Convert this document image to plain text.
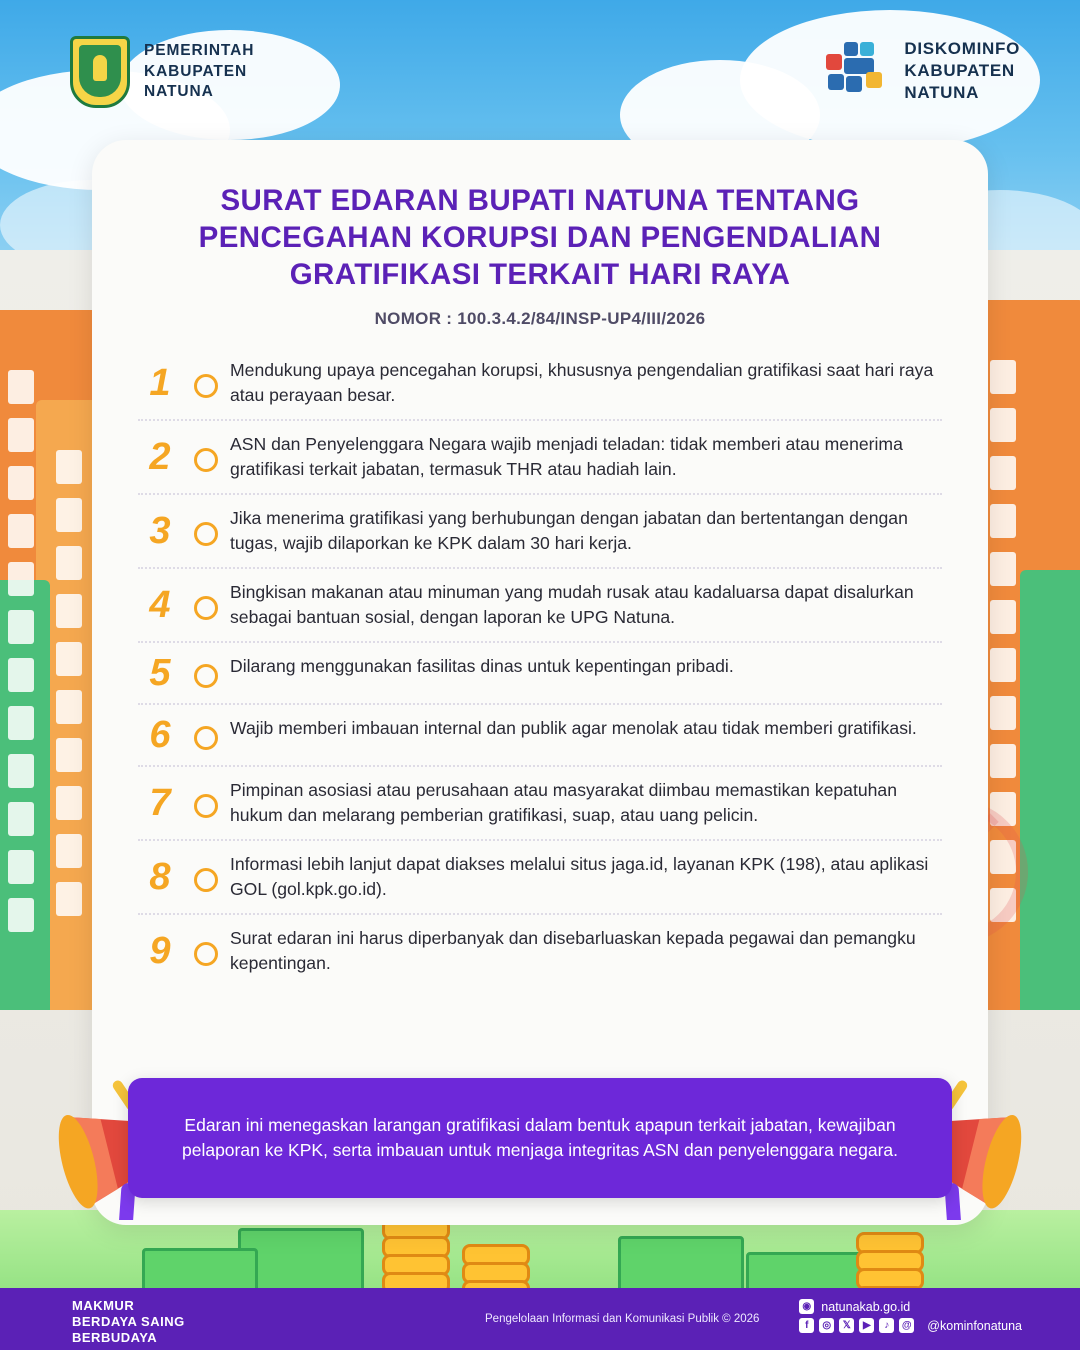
PEMERINTAH
KABUPATEN
NATUNA
DISKOMINFO
KABUPATEN
NATUNA
SURAT EDARAN BUPATI NATUNA TENTANG PENCEGAHAN KORUPSI DAN PENGENDALIAN GRATIFIKASI TERKAIT HARI RAYA
NOMOR : 100.3.4.2/84/INSP-UP4/III/2026
1	Mendukung upaya pencegahan korupsi, khususnya pengendalian gratifikasi saat hari raya atau perayaan besar.
2	ASN dan Penyelenggara Negara wajib menjadi teladan: tidak memberi atau menerima gratifikasi terkait jabatan, termasuk THR atau hadiah lain.
3	Jika menerima gratifikasi yang berhubungan dengan jabatan dan bertentangan dengan tugas, wajib dilaporkan ke KPK dalam 30 hari kerja.
4	Bingkisan makanan atau minuman yang mudah rusak atau kadaluarsa dapat disalurkan sebagai bantuan sosial, dengan laporan ke UPG Natuna.
5	Dilarang menggunakan fasilitas dinas untuk kepentingan pribadi.
6	Wajib memberi imbauan internal dan publik agar menolak atau tidak memberi gratifikasi.
7	Pimpinan asosiasi atau perusahaan atau masyarakat diimbau memastikan kepatuhan hukum dan melarang pemberian gratifikasi, suap, atau uang pelicin.
8	Informasi lebih lanjut dapat diakses melalui situs jaga.id, layanan KPK (198), atau aplikasi GOL (gol.kpk.go.id).
9	Surat edaran ini harus diperbanyak dan disebarluaskan kepada pegawai dan pemangku kepentingan.

Edaran ini menegaskan larangan gratifikasi dalam bentuk apapun terkait jabatan, kewajiban pelaporan ke KPK, serta imbauan untuk menjaga integritas ASN dan penyelenggara negara.

MAKMUR
BERDAYA SAING
BERBUDAYA
Pengelolaan Informasi dan Komunikasi Publik © 2026
◉ natunakab.go.id
f	◎	𝕏	▶	♪	@ @kominfonatuna
